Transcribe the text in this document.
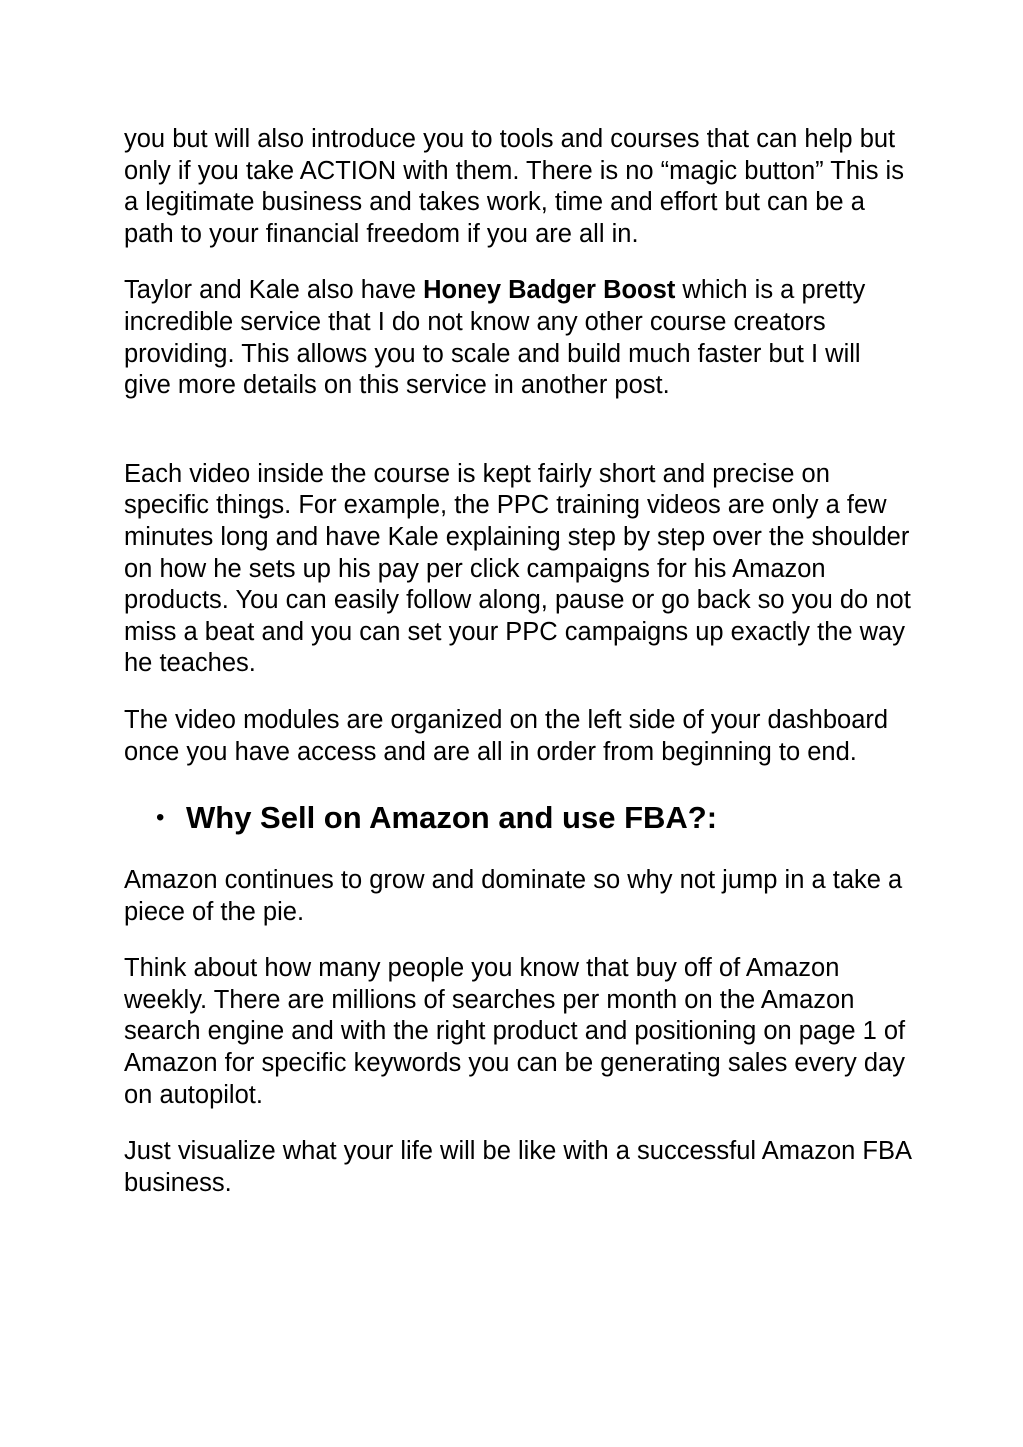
you but will also introduce you to tools and courses that can help but only if you take ACTION with them. There is no “magic button” This is a legitimate business and takes work, time and effort but can be a path to your financial freedom if you are all in.

Taylor and Kale also have Honey Badger Boost which is a pretty incredible service that I do not know any other course creators providing. This allows you to scale and build much faster but I will give more details on this service in another post.

Each video inside the course is kept fairly short and precise on specific things. For example, the PPC training videos are only a few minutes long and have Kale explaining step by step over the shoulder on how he sets up his pay per click campaigns for his Amazon products. You can easily follow along, pause or go back so you do not miss a beat and you can set your PPC campaigns up exactly the way he teaches.

The video modules are organized on the left side of your dashboard once you have access and are all in order from beginning to end.

• Why Sell on Amazon and use FBA?:

Amazon continues to grow and dominate so why not jump in a take a piece of the pie.

Think about how many people you know that buy off of Amazon weekly. There are millions of searches per month on the Amazon search engine and with the right product and positioning on page 1 of Amazon for specific keywords you can be generating sales every day on autopilot.

Just visualize what your life will be like with a successful Amazon FBA business.
